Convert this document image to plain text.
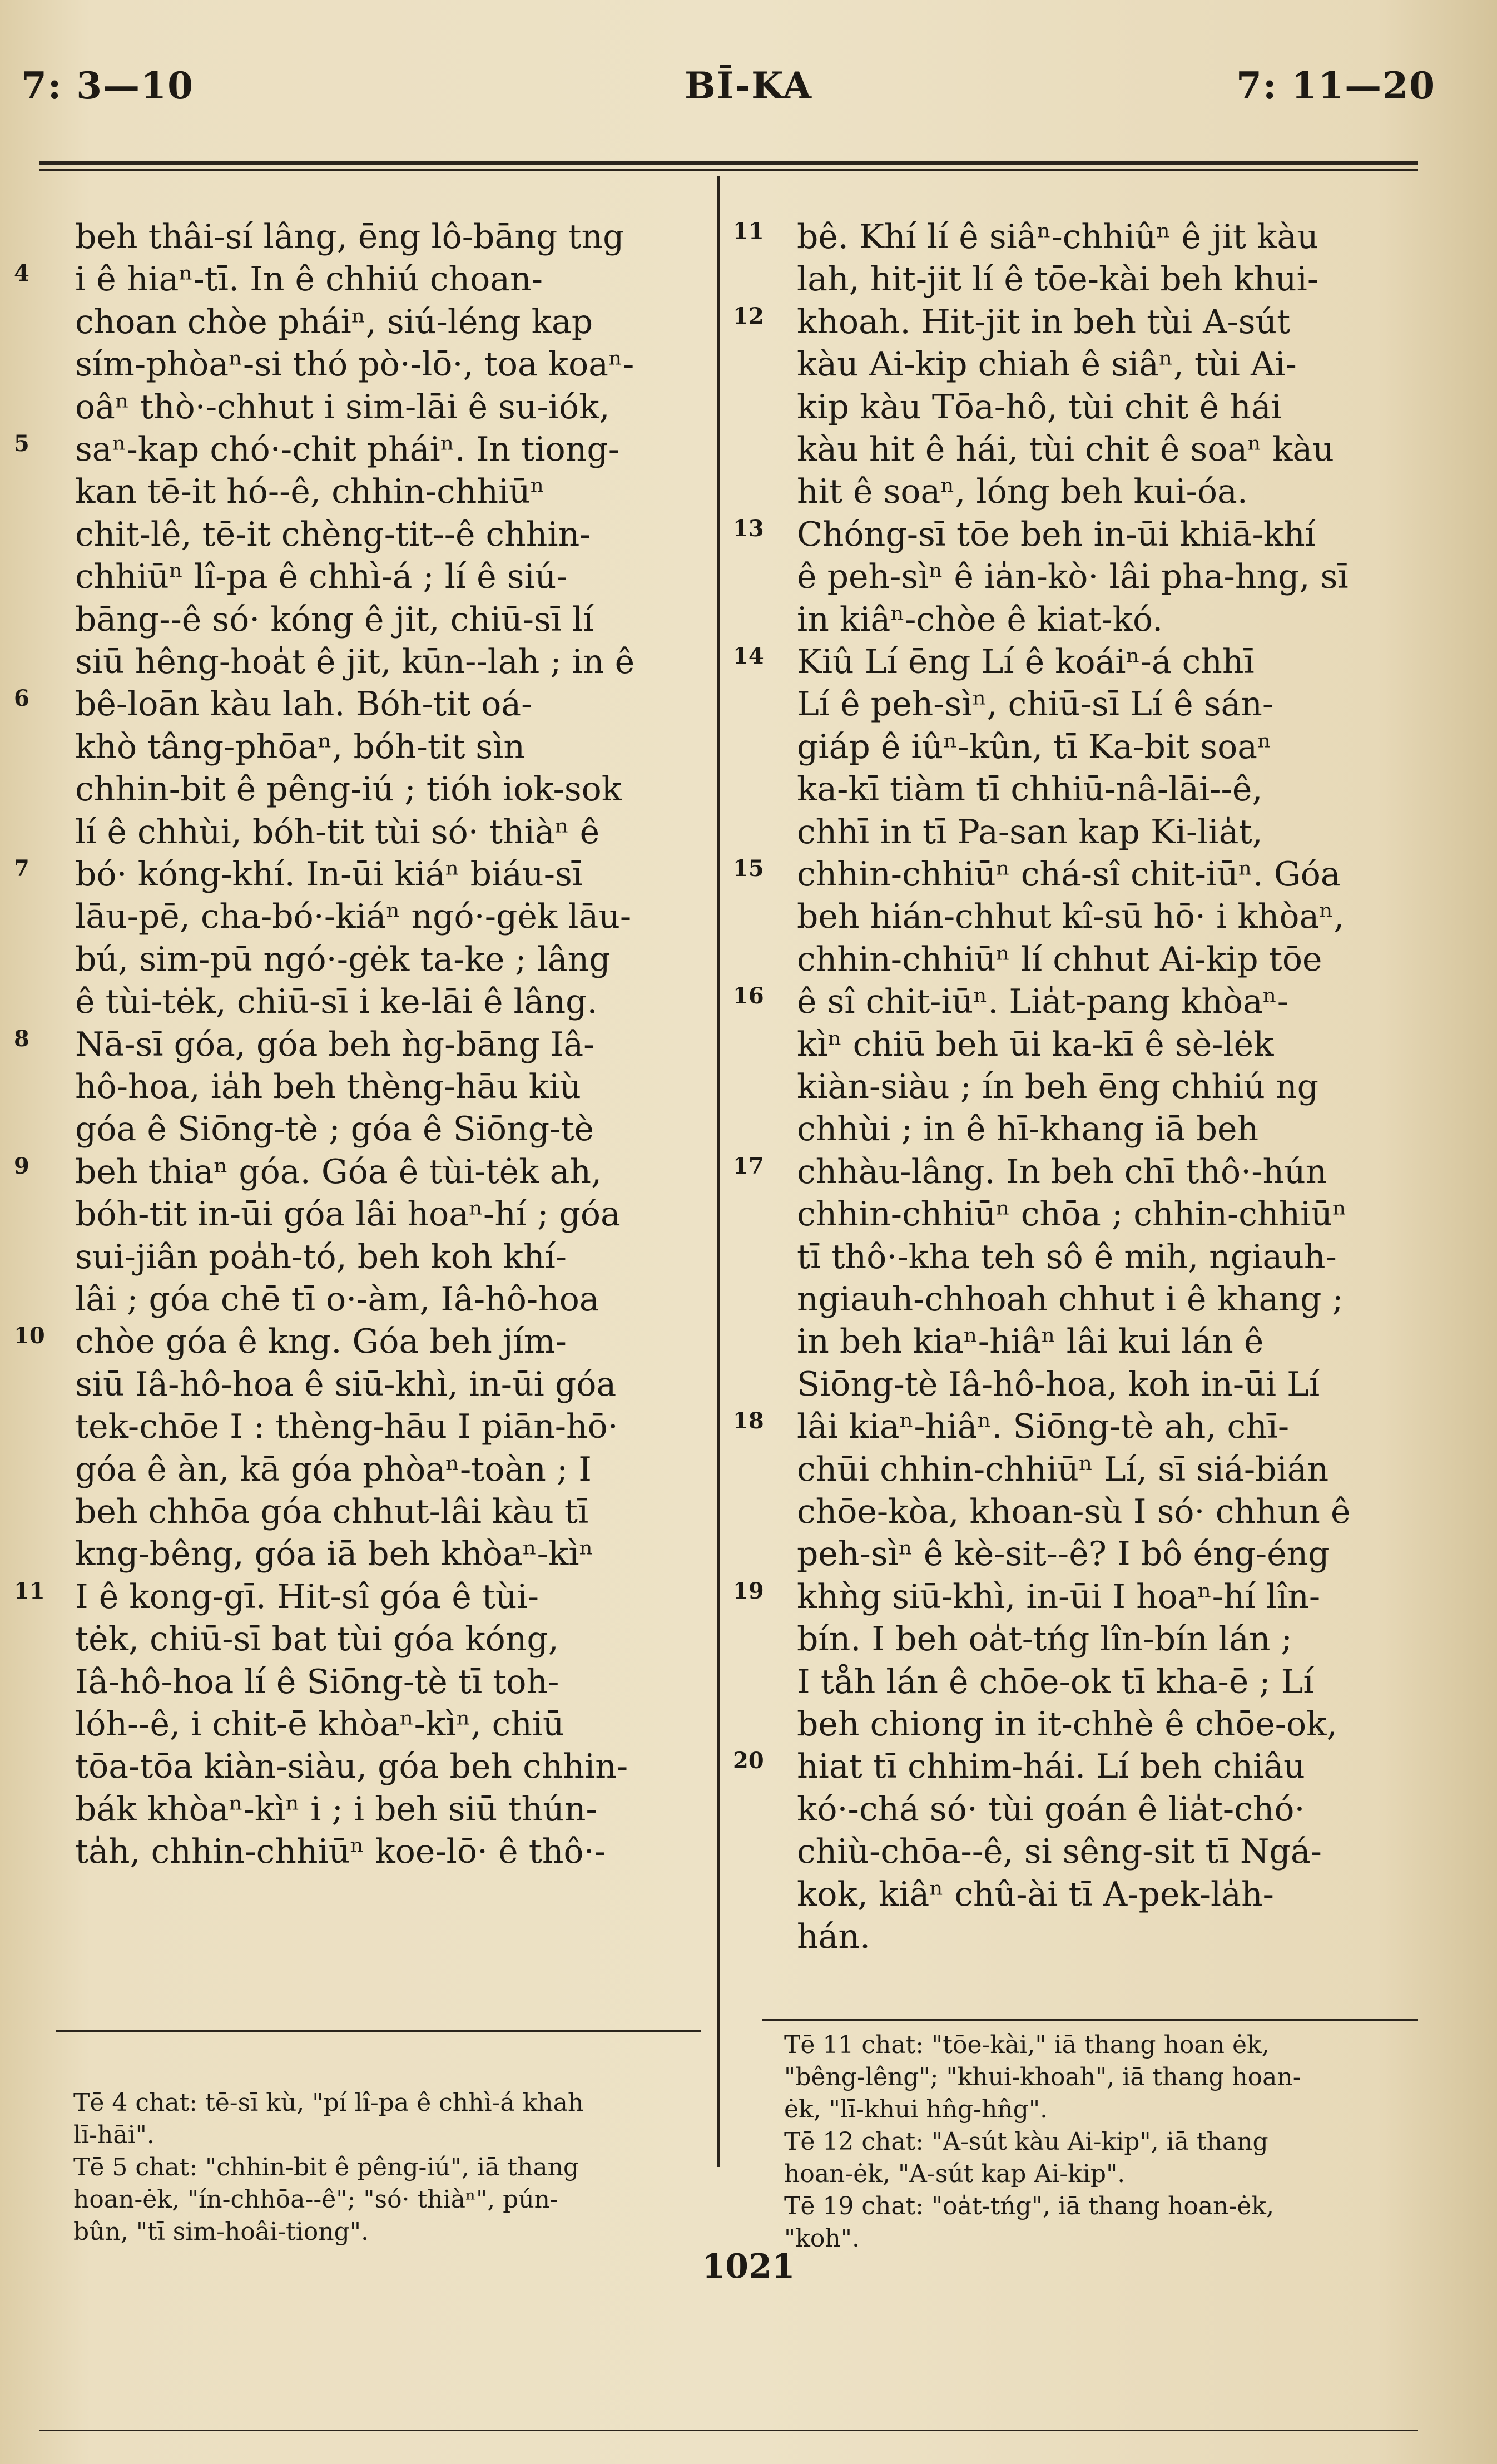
7: 3—10	BĪ-KA	7: 11—20
beh thâi-sí lâng, ēng lô-bāng tng
i ê hiaⁿ-tī. In ê chhiú choan-
choan chòe pháiⁿ, siú-léng kap
sím-phòaⁿ-si thó pò·-lō·, toa koaⁿ-
oâⁿ thò·-chhut i sim-lāi ê su-iók,
saⁿ-kap chó·-chit pháiⁿ. In tiong-
kan tē-it hó--ê, chhin-chhiūⁿ
chit-lê, tē-it chèng-tit--ê chhin-
chhiūⁿ lî-pa ê chhì-á ; lí ê siú-
bāng--ê só· kóng ê jit, chiū-sī lí
siū hêng-hoa̍t ê jit, kūn--lah ; in ê
bê-loān kàu lah. Bóh-tit oá-
khò tâng-phōaⁿ, bóh-tit sìn
chhin-bit ê pêng-iú ; tióh iok-sok
lí ê chhùi, bóh-tit tùi só· thiàⁿ ê
bó· kóng-khí. In-ūi kiáⁿ biáu-sī
lāu-pē, cha-bó·-kiáⁿ ngó·-gėk lāu-
bú, sim-pū ngó·-gėk ta-ke ; lâng
ê tùi-tėk, chiū-sī i ke-lāi ê lâng.
Nā-sī góa, góa beh ǹg-bāng Iâ-
hô-hoa, ia̍h beh thèng-hāu kiù
góa ê Siōng-tè ; góa ê Siōng-tè
beh thiaⁿ góa. Góa ê tùi-tėk ah,
bóh-tit in-ūi góa lâi hoaⁿ-hí ; góa
sui-jiân poa̍h-tó, beh koh khí-
lâi ; góa chē tī o·-àm, Iâ-hô-hoa
chòe góa ê kng. Góa beh jím-
siū Iâ-hô-hoa ê siū-khì, in-ūi góa
tek-chōe I : thèng-hāu I piān-hō·
góa ê àn, kā góa phòaⁿ-toàn ; I
beh chhōa góa chhut-lâi kàu tī
kng-bêng, góa iā beh khòaⁿ-kìⁿ
I ê kong-gī. Hit-sî góa ê tùi-
tėk, chiū-sī bat tùi góa kóng,
Iâ-hô-hoa lí ê Siōng-tè tī toh-
lóh--ê, i chit-ē khòaⁿ-kìⁿ, chiū
tōa-tōa kiàn-siàu, góa beh chhin-
bák khòaⁿ-kìⁿ i ; i beh siū thún-
ta̍h, chhin-chhiūⁿ koe-lō· ê thô·-
bê. Khí lí ê siâⁿ-chhiûⁿ ê jit kàu
lah, hit-jit lí ê tōe-kài beh khui-
khoah. Hit-jit in beh tùi A-sút
kàu Ai-kip chiah ê siâⁿ, tùi Ai-
kip kàu Tōa-hô, tùi chit ê hái
kàu hit ê hái, tùi chit ê soaⁿ kàu
hit ê soaⁿ, lóng beh kui-óa.
Chóng-sī tōe beh in-ūi khiā-khí
ê peh-sìⁿ ê ia̍n-kò· lâi pha-hng, sī
in kiâⁿ-chòe ê kiat-kó.
Kiû Lí ēng Lí ê koáiⁿ-á chhī
Lí ê peh-sìⁿ, chiū-sī Lí ê sán-
giáp ê iûⁿ-kûn, tī Ka-bit soaⁿ
ka-kī tiàm tī chhiū-nâ-lāi--ê,
chhī in tī Pa-san kap Ki-lia̍t,
chhin-chhiūⁿ chá-sî chit-iūⁿ. Góa
beh hián-chhut kî-sū hō· i khòaⁿ,
chhin-chhiūⁿ lí chhut Ai-kip tōe
ê sî chit-iūⁿ. Lia̍t-pang khòaⁿ-
kìⁿ chiū beh ūi ka-kī ê sè-lėk
kiàn-siàu ; ín beh ēng chhiú ng
chhùi ; in ê hī-khang iā beh
chhàu-lâng. In beh chī thô·-hún
chhin-chhiūⁿ chōa ; chhin-chhiūⁿ
tī thô·-kha teh sô ê mih, ngiauh-
ngiauh-chhoah chhut i ê khang ;
in beh kiaⁿ-hiâⁿ lâi kui lán ê
Siōng-tè Iâ-hô-hoa, koh in-ūi Lí
lâi kiaⁿ-hiâⁿ. Siōng-tè ah, chī-
chūi chhin-chhiūⁿ Lí, sī siá-bián
chōe-kòa, khoan-sù I só· chhun ê
peh-sìⁿ ê kè-sit--ê? I bô éng-éng
khǹg siū-khì, in-ūi I hoaⁿ-hí lîn-
bín. I beh oa̍t-tńg lîn-bín lán ;
I tåh lán ê chōe-ok tī kha-ē ; Lí
beh chiong in it-chhè ê chōe-ok,
hiat tī chhim-hái. Lí beh chiâu
kó·-chá só· tùi goán ê lia̍t-chó·
chiù-chōa--ê, si sêng-sit tī Ngá-
kok, kiâⁿ chû-ài tī A-pek-la̍h-
hán.
Tē 4 chat: tē-sī kù, "pí lî-pa ê chhì-á khah
lī-hāi".
Tē 5 chat: "chhin-bit ê pêng-iú", iā thang
hoan-ėk, "ín-chhōa--ê"; "só· thiàⁿ", pún-
bûn, "tī sim-hoâi-tiong".
Tē 11 chat: "tōe-kài," iā thang hoan ėk,
"bêng-lêng"; "khui-khoah", iā thang hoan-
ėk, "lī-khui hn̂g-hn̂g".
Tē 12 chat: "A-sút kàu Ai-kip", iā thang
hoan-ėk, "A-sút kap Ai-kip".
Tē 19 chat: "oa̍t-tńg", iā thang hoan-ėk,
"koh".
1021
4
5
6
7
8
9
10
11
11
12
13
14
15
16
17
18
19
20
